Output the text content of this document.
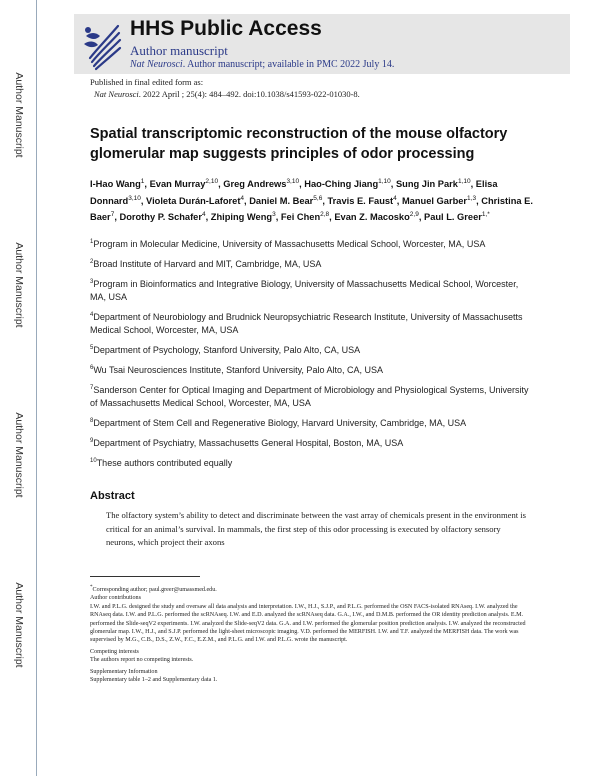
Author Manuscript
Author Manuscript
Author Manuscript
Author Manuscript
HHS Public Access
Author manuscript
Nat Neurosci. Author manuscript; available in PMC 2022 July 14.
Published in final edited form as:
Nat Neurosci. 2022 April ; 25(4): 484–492. doi:10.1038/s41593-022-01030-8.
Spatial transcriptomic reconstruction of the mouse olfactory glomerular map suggests principles of odor processing
I-Hao Wang$^1$, Evan Murray$^{2,10}$, Greg Andrews$^{3,10}$, Hao-Ching Jiang$^{1,10}$, Sung Jin Park$^{1,10}$, Elisa Donnard$^{3,10}$, Violeta Durán-Laforet$^4$, Daniel M. Bear$^{5,6}$, Travis E. Faust$^4$, Manuel Garber$^{1,3}$, Christina E. Baer$^7$, Dorothy P. Schafer$^4$, Zhiping Weng$^3$, Fei Chen$^{2,8}$, Evan Z. Macosko$^{2,9}$, Paul L. Greer$^{1,*}$
$^1$Program in Molecular Medicine, University of Massachusetts Medical School, Worcester, MA, USA
$^2$Broad Institute of Harvard and MIT, Cambridge, MA, USA
$^3$Program in Bioinformatics and Integrative Biology, University of Massachusetts Medical School, Worcester, MA, USA
$^4$Department of Neurobiology and Brudnick Neuropsychiatric Research Institute, University of Massachusetts Medical School, Worcester, MA, USA
$^5$Department of Psychology, Stanford University, Palo Alto, CA, USA
$^6$Wu Tsai Neurosciences Institute, Stanford University, Palo Alto, CA, USA
$^7$Sanderson Center for Optical Imaging and Department of Microbiology and Physiological Systems, University of Massachusetts Medical School, Worcester, MA, USA
$^8$Department of Stem Cell and Regenerative Biology, Harvard University, Cambridge, MA, USA
$^9$Department of Psychiatry, Massachusetts General Hospital, Boston, MA, USA
$^{10}$These authors contributed equally
Abstract
The olfactory system’s ability to detect and discriminate between the vast array of chemicals present in the environment is critical for an animal’s survival. In mammals, the first step of this odor processing is executed by olfactory sensory neurons, which project their axons
*Corresponding author; paul.greer@umassmed.edu.
Author contributions
I.W. and P.L.G. designed the study and oversaw all data analysis and interpretation. I.W., H.J., S.J.P., and P.L.G. performed the OSN FACS-isolated RNAseq. I.W. analyzed the RNAseq data. I.W. and P.L.G. performed the scRNAseq. I.W. and E.D. analyzed the scRNAseq data. G.A., I.W., and D.M.B. performed the OR identity prediction analysis. E.M. performed the Slide-seqV2 experiments. I.W. analyzed the Slide-seqV2 data. G.A. and I.W. performed the glomerular position prediction analysis. I.W. analyzed the reconstructed glomerular map. I.W., H.J., and S.J.P. performed the light-sheet microscopic imaging. V.D. performed the MERFISH. I.W. and T.F. analyzed the MERFISH data. The work was supervised by M.G., C.B., D.S., Z.W., F.C., E.Z.M., and P.L.G. and I.W. and P.L.G. wrote the manuscript.
Competing interests
The authors report no competing interests.
Supplementary Information
Supplementary table 1–2 and Supplementary data 1.
